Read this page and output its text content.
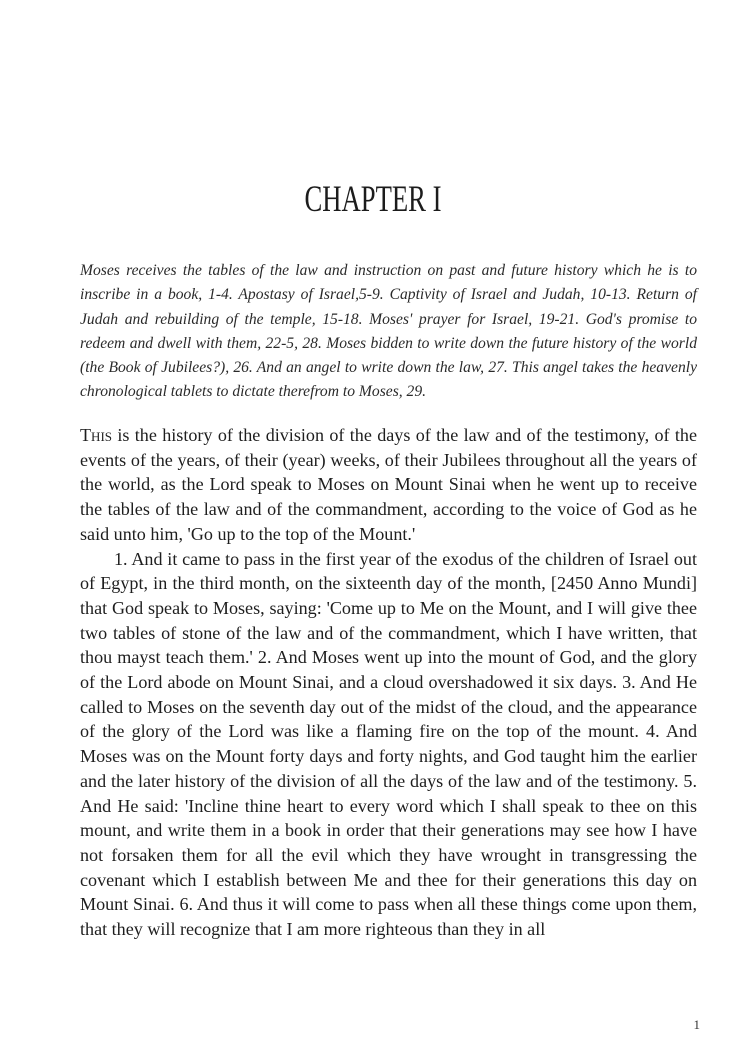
CHAPTER I

Moses receives the tables of the law and instruction on past and future history which he is to inscribe in a book, 1-4. Apostasy of Israel,5-9. Captivity of Israel and Judah, 10-13. Return of Judah and rebuilding of the temple, 15-18. Moses' prayer for Israel, 19-21. God's promise to redeem and dwell with them, 22-5, 28. Moses bidden to write down the future history of the world (the Book of Jubilees?), 26. And an angel to write down the law, 27. This angel takes the heavenly chronological tablets to dictate therefrom to Moses, 29.

This is the history of the division of the days of the law and of the testimony, of the events of the years, of their (year) weeks, of their Jubilees throughout all the years of the world, as the Lord speak to Moses on Mount Sinai when he went up to receive the tables of the law and of the commandment, according to the voice of God as he said unto him, 'Go up to the top of the Mount.'

1. And it came to pass in the first year of the exodus of the children of Israel out of Egypt, in the third month, on the sixteenth day of the month, [2450 Anno Mundi] that God speak to Moses, saying: 'Come up to Me on the Mount, and I will give thee two tables of stone of the law and of the commandment, which I have written, that thou mayst teach them.' 2. And Moses went up into the mount of God, and the glory of the Lord abode on Mount Sinai, and a cloud overshadowed it six days. 3. And He called to Moses on the seventh day out of the midst of the cloud, and the appearance of the glory of the Lord was like a flaming fire on the top of the mount. 4. And Moses was on the Mount forty days and forty nights, and God taught him the earlier and the later history of the division of all the days of the law and of the testimony. 5. And He said: 'Incline thine heart to every word which I shall speak to thee on this mount, and write them in a book in order that their generations may see how I have not forsaken them for all the evil which they have wrought in transgressing the covenant which I establish between Me and thee for their generations this day on Mount Sinai. 6. And thus it will come to pass when all these things come upon them, that they will recognize that I am more righteous than they in all

1
